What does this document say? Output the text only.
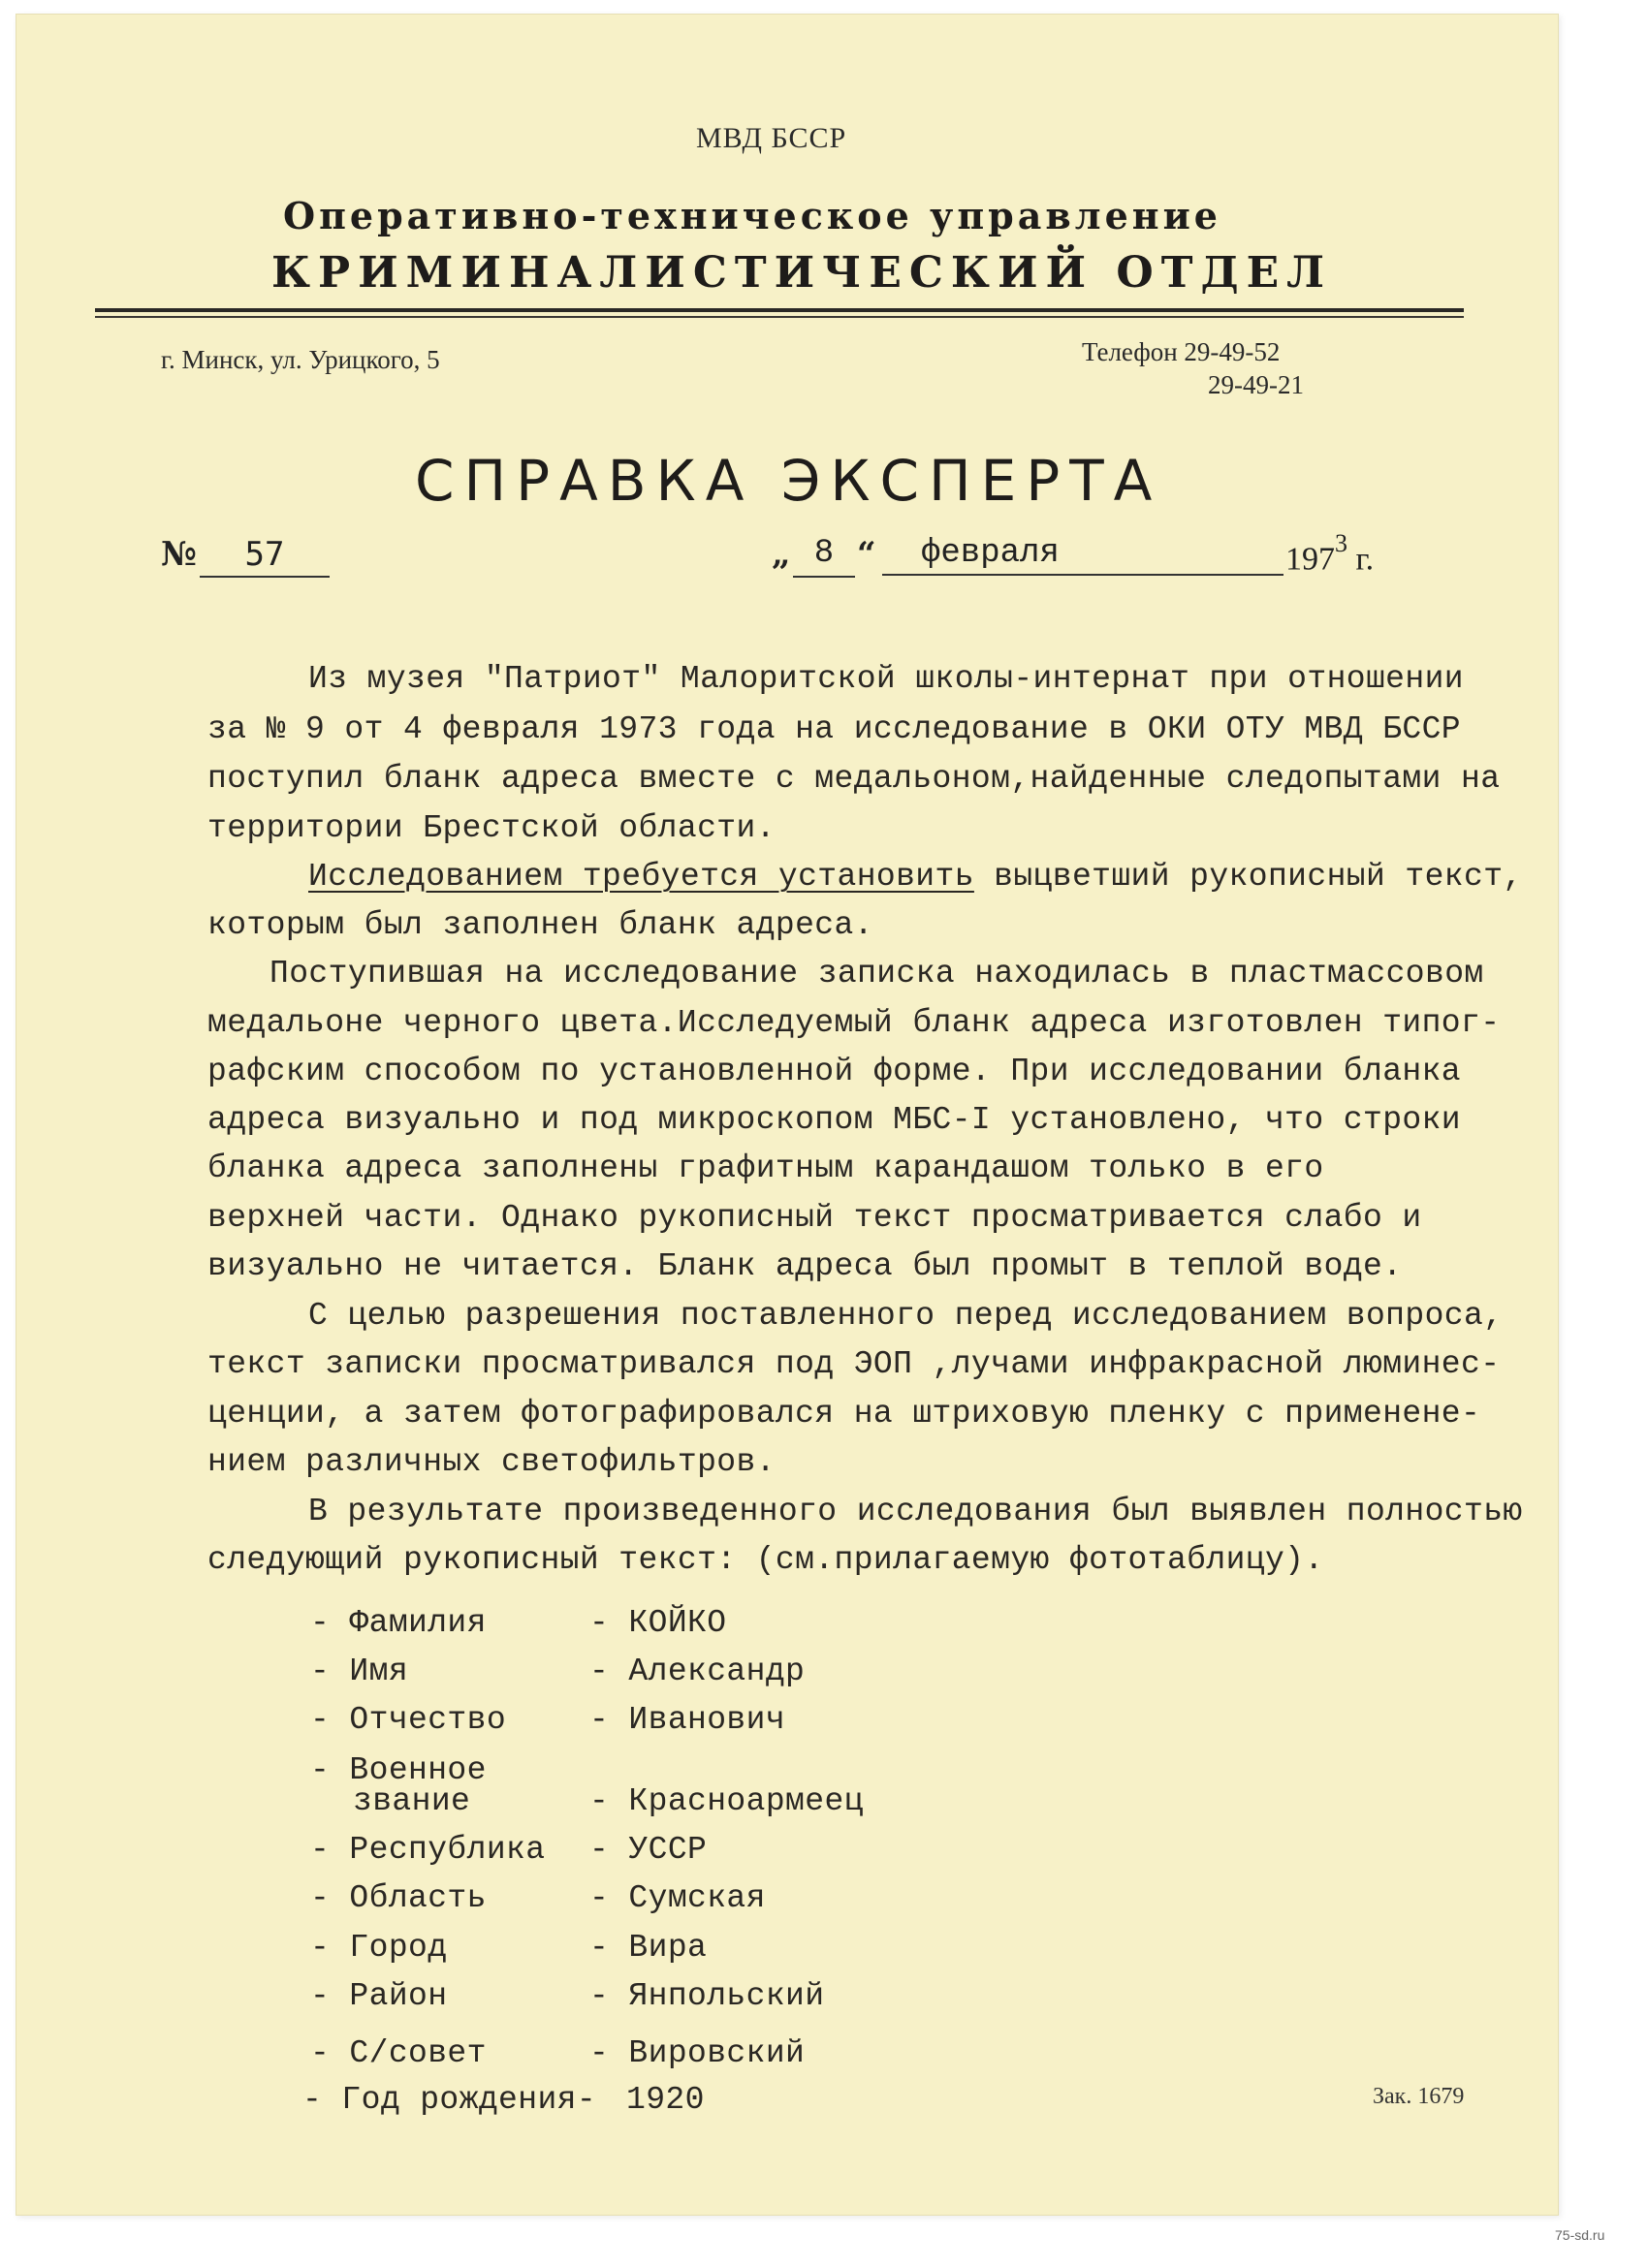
МВД БССР
Оперативно-техническое управление
КРИМИНАЛИСТИЧЕСКИЙ ОТДЕЛ
г. Минск, ул. Урицкого, 5	Телефон 29-49-52
29-49-21
СПРАВКА ЭКСПЕРТА
№	57	„ 8 “	февраля	$197^3$ г.
Из музея "Патриот" Малоритской школы-интернат при отношении
за № 9 от 4 февраля 1973 года на исследование в ОКИ ОТУ МВД БССР
поступил бланк адреса вместе с медальоном,найденные следопытами на
территории Брестской области.
Исследованием требуется установить выцветший рукописный текст,
которым был заполнен бланк адреса.
Поступившая на исследование записка находилась в пластмассовом
медальоне черного цвета.Исследуемый бланк адреса изготовлен типог-
рафским способом по установленной форме. При исследовании бланка
адреса визуально и под микроскопом МБС-I установлено, что строки
бланка адреса заполнены графитным карандашом только в его
верхней части. Однако рукописный текст просматривается слабо и
визуально не читается. Бланк адреса был промыт в теплой воде.
С целью разрешения поставленного перед исследованием вопроса,
текст записки просматривался под ЭОП ,лучами инфракрасной люминес-
ценции, а затем фотографировался на штриховую пленку с применене-
нием различных светофильтров.
В результате произведенного исследования был выявлен полностью
следующий рукописный текст: (см.прилагаемую фототаблицу).
- Фамилия	- КОЙКО
- Имя	- Александр
- Отчество	- Иванович
- Военное
звание	- Красноармеец
- Республика - УССР
- Область	- Сумская
- Город	- Вира
- Район	- Янпольский
- С/совет	- Вировский
- Год рождения- 1920	Зак. 1679
75-sd.ru
